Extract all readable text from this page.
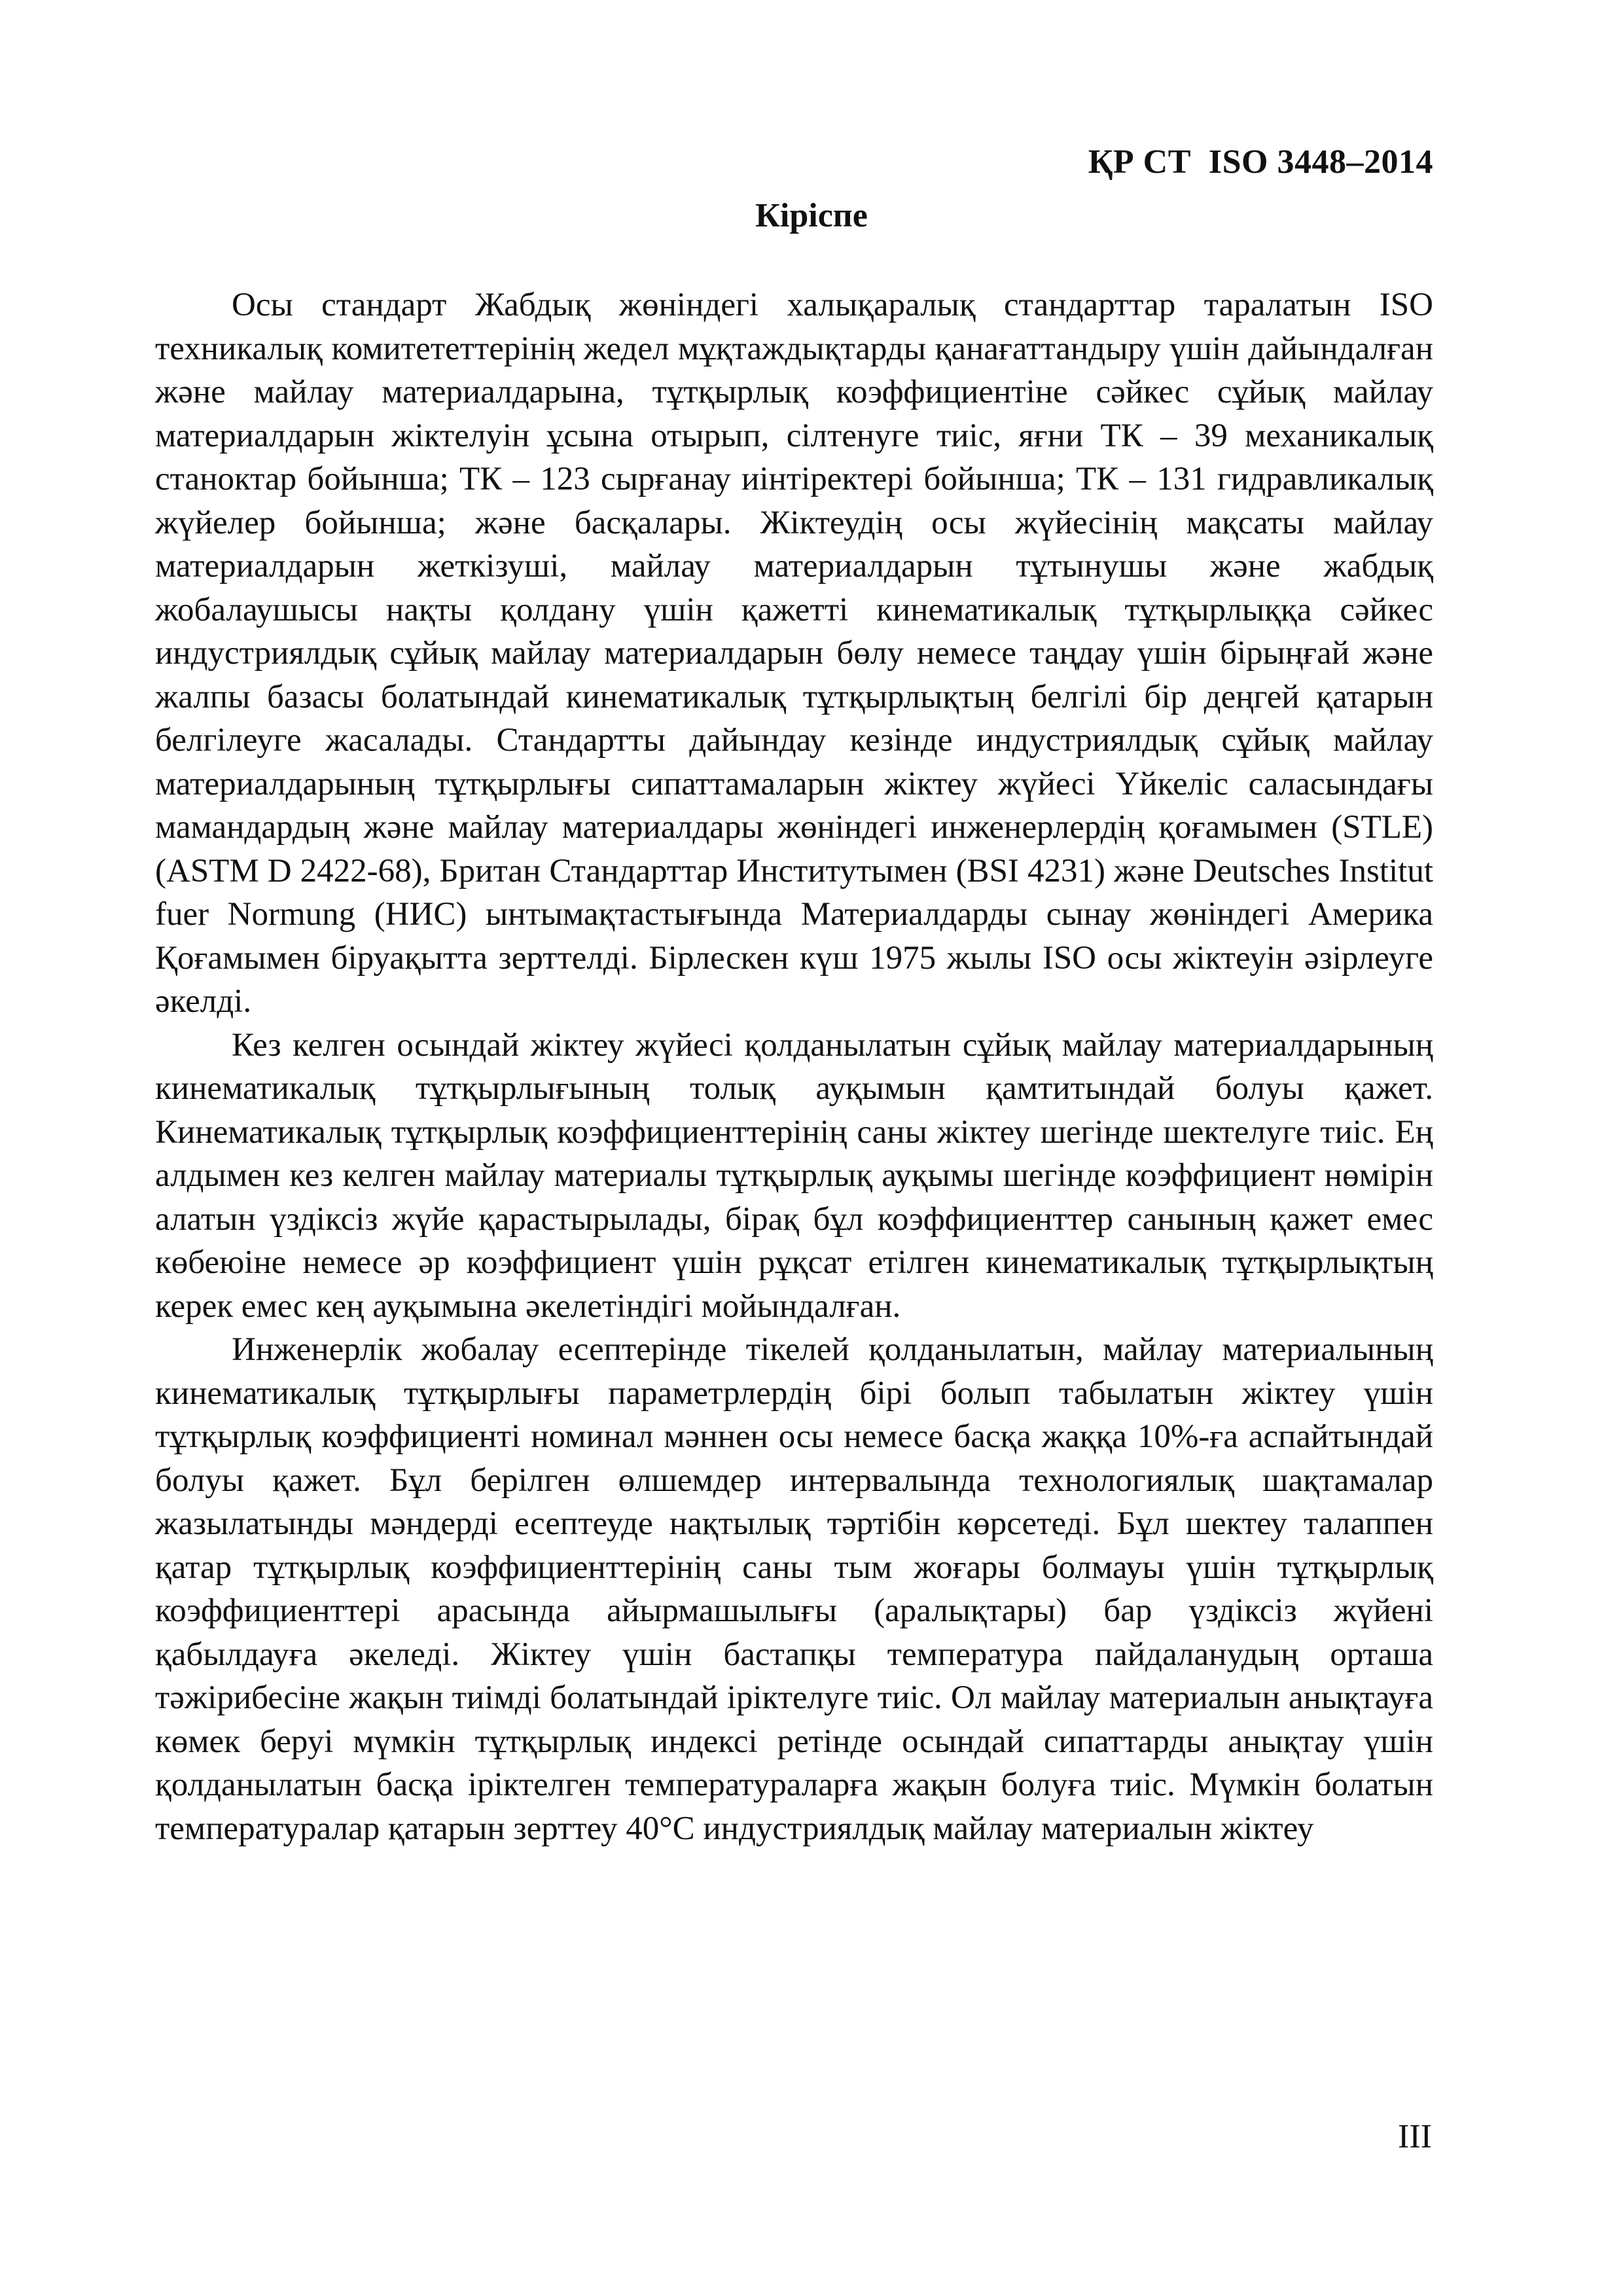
ҚР СТ  ISO 3448–2014
Кіріспе

Осы стандарт Жабдық жөніндегі халықаралық стандарттар таралатын ISO техникалық комитететтерінің жедел мұқтаждықтарды қанағаттандыру үшін дайындалған және майлау материалдарына, тұтқырлық коэффициентіне сәйкес сұйық майлау материалдарын жіктелуін ұсына отырып, сілтенуге тиіс, яғни ТК – 39 механикалық станоктар бойынша; ТК – 123 сырғанау иінтіректері бойынша; ТК – 131 гидравликалық жүйелер бойынша; және басқалары. Жіктеудің осы жүйесінің мақсаты майлау материалдарын жеткізуші, майлау материалдарын тұтынушы және жабдық жобалаушысы нақты қолдану үшін қажетті кинематикалық тұтқырлыққа сәйкес индустриялдық сұйық майлау материалдарын бөлу немесе таңдау үшін бірыңғай және жалпы базасы болатындай кинематикалық тұтқырлықтың белгілі бір деңгей қатарын белгілеуге жасалады. Стандартты дайындау кезінде индустриялдық сұйық майлау материалдарының тұтқырлығы сипаттамаларын жіктеу жүйесі Үйкеліс саласындағы мамандардың және майлау материалдары жөніндегі инженерлердің қоғамымен (STLE) (ASTM D 2422-68), Британ Стандарттар Институтымен (BSI 4231) және Deutsches Institut fuer Normung (НИС) ынтымақтастығында Материалдарды сынау жөніндегі Америка Қоғамымен біруақытта зерттелді. Бірлескен күш 1975 жылы ISO осы жіктеуін әзірлеуге әкелді.

Кез келген осындай жіктеу жүйесі қолданылатын сұйық майлау материалдарының кинематикалық тұтқырлығының толық ауқымын қамтитындай болуы қажет. Кинематикалық тұтқырлық коэффициенттерінің саны жіктеу шегінде шектелуге тиіс. Ең алдымен кез келген майлау материалы тұтқырлық ауқымы шегінде коэффициент нөмірін алатын үздіксіз жүйе қарастырылады, бірақ бұл коэффициенттер санының қажет емес көбеюіне немесе әр коэффициент үшін рұқсат етілген кинематикалық тұтқырлықтың керек емес кең ауқымына әкелетіндігі мойындалған.

Инженерлік жобалау есептерінде тікелей қолданылатын, майлау материалының кинематикалық тұтқырлығы параметрлердің бірі болып табылатын жіктеу үшін тұтқырлық коэффициенті номинал мәннен осы немесе басқа жаққа 10%-ға аспайтындай болуы қажет. Бұл берілген өлшемдер интервалында технологиялық шақтамалар жазылатынды мәндерді есептеуде нақтылық тәртібін көрсетеді. Бұл шектеу талаппен қатар тұтқырлық коэффициенттерінің саны тым жоғары болмауы үшін тұтқырлық коэффициенттері арасында айырмашылығы (аралықтары) бар үздіксіз жүйені қабылдауға әкеледі. Жіктеу үшін бастапқы температура пайдаланудың орташа тәжірибесіне жақын тиімді болатындай іріктелуге тиіс. Ол майлау материалын анықтауға көмек беруі мүмкін тұтқырлық индексі ретінде осындай сипаттарды анықтау үшін қолданылатын басқа іріктелген температураларға жақын болуға тиіс. Мүмкін болатын температуралар қатарын зерттеу 40°С индустриялдық майлау материалын жіктеу

III
